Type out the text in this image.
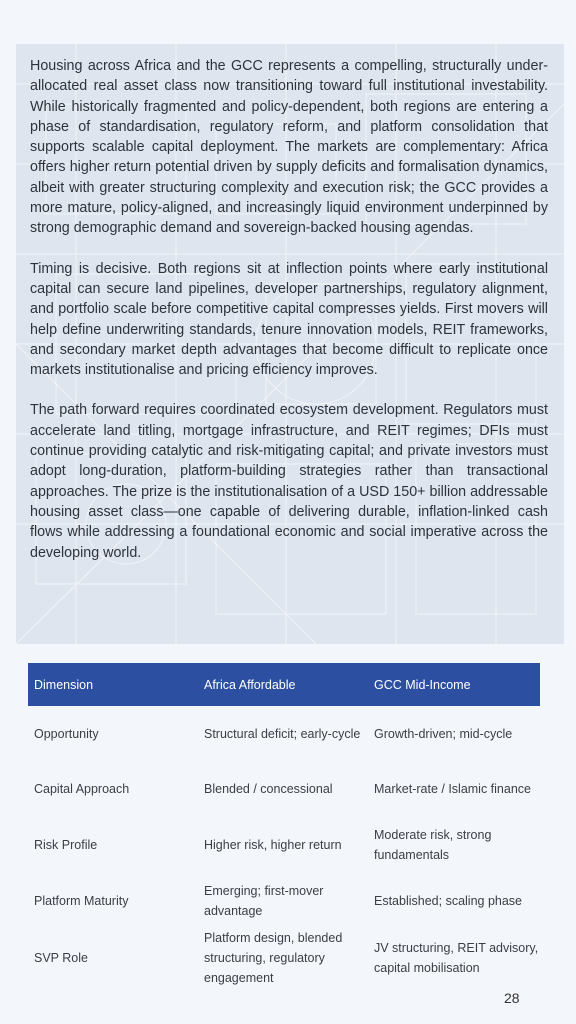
Housing across Africa and the GCC represents a compelling, structurally under-allocated real asset class now transitioning toward full institutional investability. While historically fragmented and policy-dependent, both regions are entering a phase of standardisation, regulatory reform, and platform consolidation that supports scalable capital deployment. The markets are complementary: Africa offers higher return potential driven by supply deficits and formalisation dynamics, albeit with greater structuring complexity and execution risk; the GCC provides a more mature, policy-aligned, and increasingly liquid environment underpinned by strong demographic demand and sovereign-backed housing agendas.

Timing is decisive. Both regions sit at inflection points where early institutional capital can secure land pipelines, developer partnerships, regulatory alignment, and portfolio scale before competitive capital compresses yields. First movers will help define underwriting standards, tenure innovation models, REIT frameworks, and secondary market depth advantages that become difficult to replicate once markets institutionalise and pricing efficiency improves.

The path forward requires coordinated ecosystem development. Regulators must accelerate land titling, mortgage infrastructure, and REIT regimes; DFIs must continue providing catalytic and risk-mitigating capital; and private investors must adopt long-duration, platform-building strategies rather than transactional approaches. The prize is the institutionalisation of a USD 150+ billion addressable housing asset class—one capable of delivering durable, inflation-linked cash flows while addressing a foundational economic and social imperative across the developing world.

Dimension	Africa Affordable	GCC Mid-Income
Opportunity	Structural deficit; early-cycle	Growth-driven; mid-cycle
Capital Approach	Blended / concessional	Market-rate / Islamic finance
Risk Profile	Higher risk, higher return	Moderate risk, strong fundamentals
Platform Maturity	Emerging; first-mover advantage	Established; scaling phase
SVP Role	Platform design, blended structuring, regulatory engagement	JV structuring, REIT advisory, capital mobilisation
28
